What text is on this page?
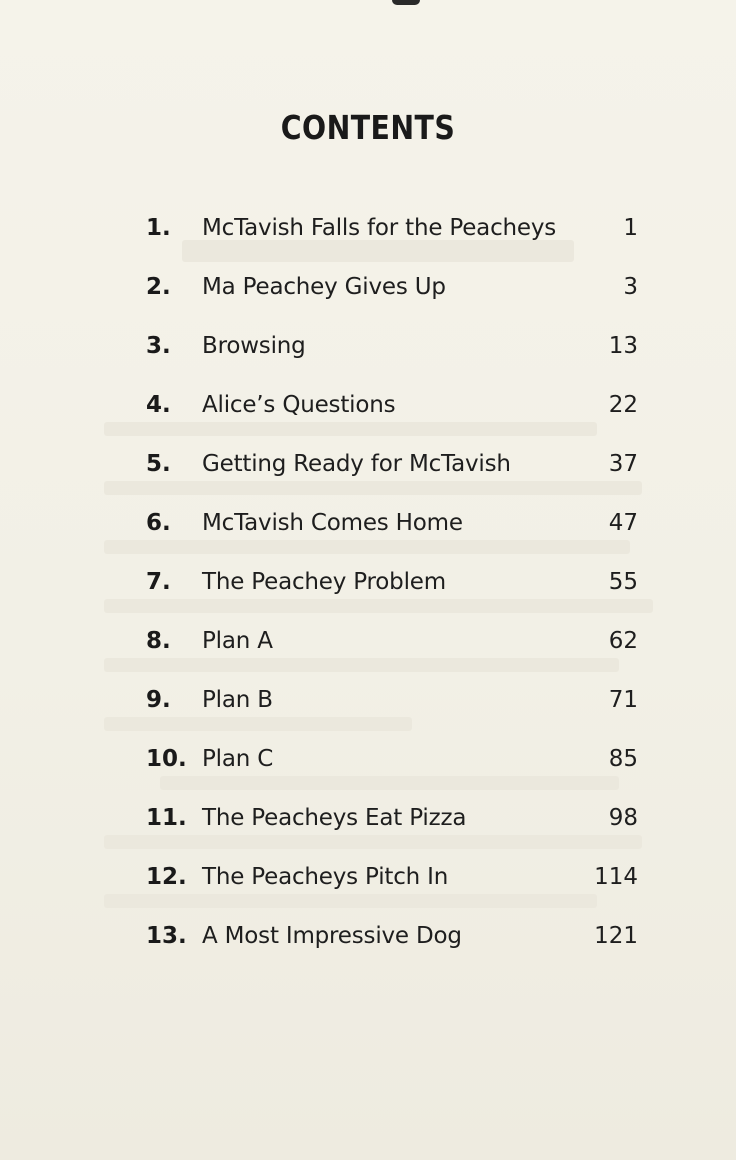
CONTENTS
1.	McTavish Falls for the Peacheys	1
2.	Ma Peachey Gives Up	3
3.	Browsing	13
4.	Alice’s Questions	22
5.	Getting Ready for McTavish	37
6.	McTavish Comes Home	47
7.	The Peachey Problem	55
8.	Plan A	62
9.	Plan B	71
10. Plan C	85
11. The Peacheys Eat Pizza	98
12. The Peacheys Pitch In	114
13. A Most Impressive Dog	121
